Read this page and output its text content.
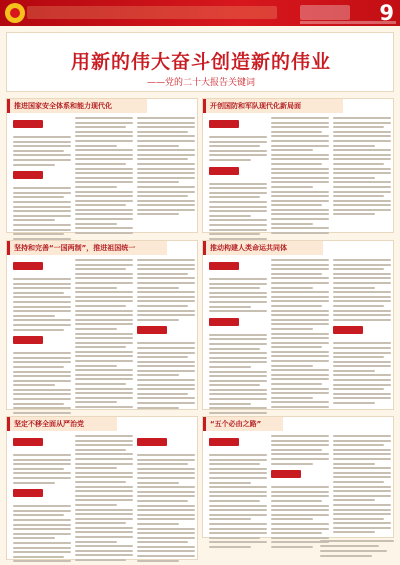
9
用新的伟大奋斗创造新的伟业
——党的二十大报告关键词
推进国家安全体系和能力现代化	开创国防和军队现代化新局面
坚持和完善“一国两制”，推进祖国统一	推动构建人类命运共同体
坚定不移全面从严治党	“五个必由之路”
